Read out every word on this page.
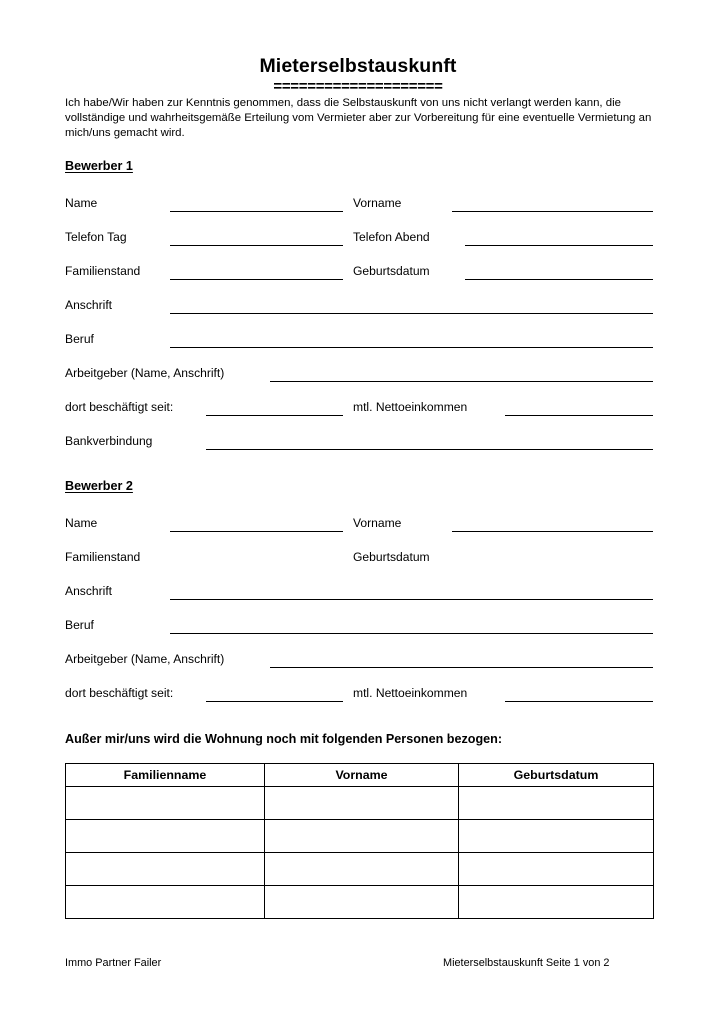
Mieterselbstauskunft
====================
Ich habe/Wir haben zur Kenntnis genommen, dass die Selbstauskunft von uns nicht verlangt werden kann, die vollständige und wahrheitsgemäße Erteilung vom Vermieter aber zur Vorbereitung für eine eventuelle Vermietung an mich/uns gemacht wird.
Bewerber 1
Name	Vorname
Telefon Tag	Telefon Abend
Familienstand	Geburtsdatum
Anschrift
Beruf
Arbeitgeber (Name, Anschrift)
dort beschäftigt seit:	mtl. Nettoeinkommen
Bankverbindung
Bewerber 2
Name	Vorname
Familienstand	Geburtsdatum
Anschrift
Beruf
Arbeitgeber (Name, Anschrift)
dort beschäftigt seit:	mtl. Nettoeinkommen
Außer mir/uns wird die Wohnung noch mit folgenden Personen bezogen:
Familienname	Vorname	Geburtsdatum

Immo Partner Failer	Mieterselbstauskunft Seite 1 von 2
